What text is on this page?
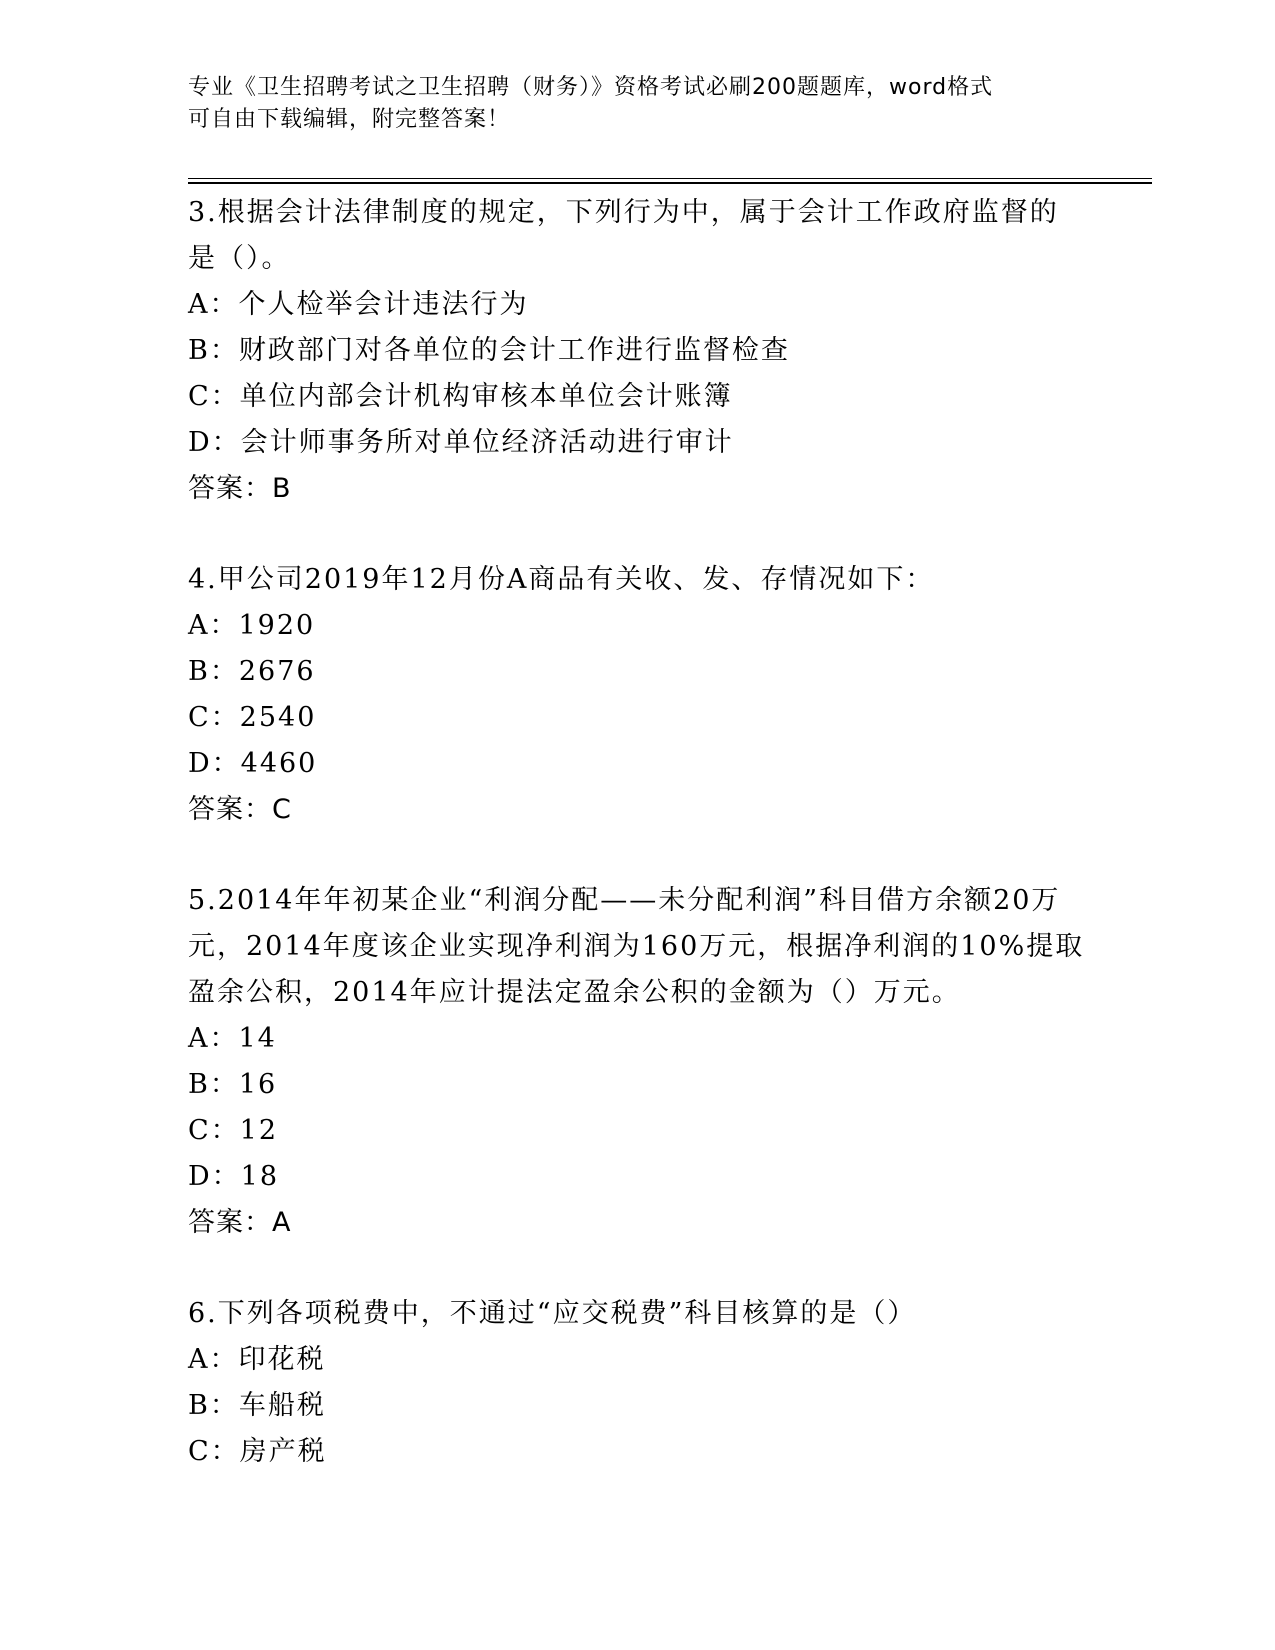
专业《卫生招聘考试之卫生招聘（财务）》资格考试必刷200题题库，word格式
可自由下载编辑，附完整答案！
3.根据会计法律制度的规定，下列行为中，属于会计工作政府监督的
是（）。
A：个人检举会计违法行为
B：财政部门对各单位的会计工作进行监督检查
C：单位内部会计机构审核本单位会计账簿
D：会计师事务所对单位经济活动进行审计
答案：B
4.甲公司2019年12月份A商品有关收、发、存情况如下：
A：1920
B：2676
C：2540
D：4460
答案：C
5.2014年年初某企业“利润分配——未分配利润”科目借方余额20万
元，2014年度该企业实现净利润为160万元，根据净利润的10%提取
盈余公积，2014年应计提法定盈余公积的金额为（）万元。
A：14
B：16
C：12
D：18
答案：A
6.下列各项税费中，不通过“应交税费”科目核算的是（）
A：印花税
B：车船税
C：房产税
